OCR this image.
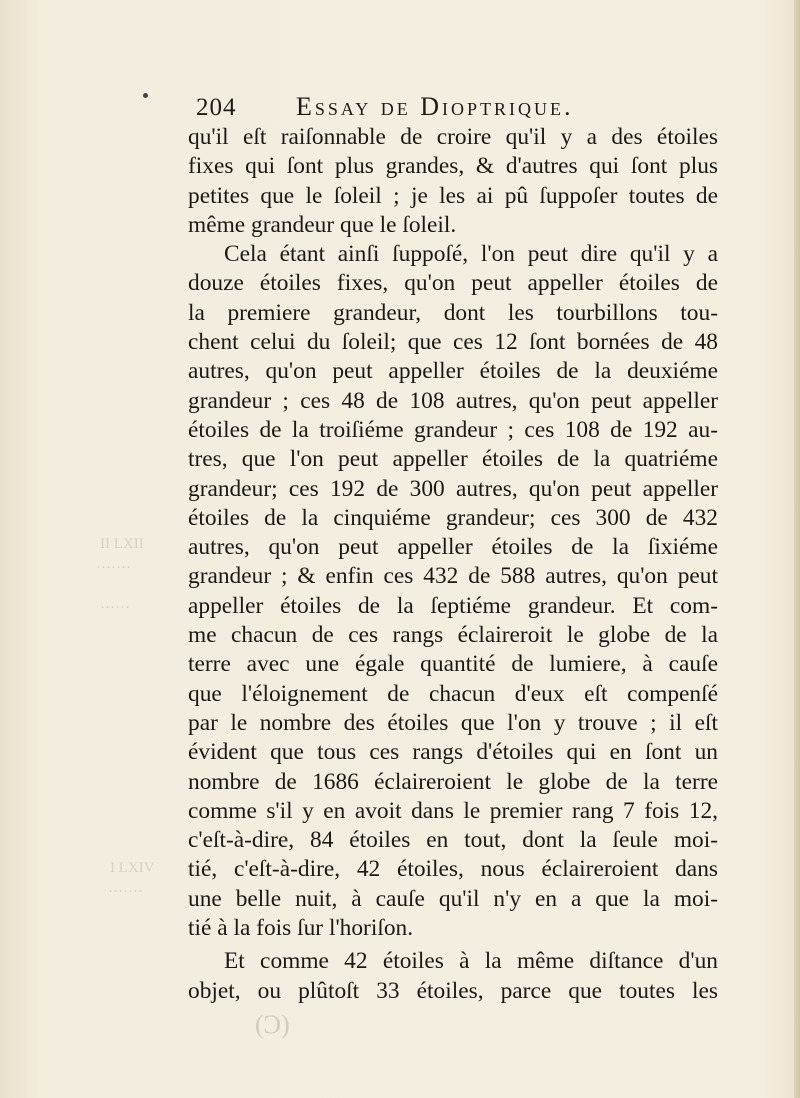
204 Essay de Dioptrique.
II LXII
·······
······
I LXIV
·······
(Ͻ)
qu'il eſt raiſonnable de croire qu'il y a des étoiles
fixes qui ſont plus grandes, & d'autres qui ſont plus
petites que le ſoleil ; je les ai pû ſuppoſer toutes de
même grandeur que le ſoleil.
Cela étant ainſi ſuppoſé, l'on peut dire qu'il y a
douze étoiles fixes, qu'on peut appeller étoiles de
la premiere grandeur, dont les tourbillons tou-
chent celui du ſoleil; que ces 12 ſont bornées de 48
autres, qu'on peut appeller étoiles de la deuxiéme
grandeur ; ces 48 de 108 autres, qu'on peut appeller
étoiles de la troiſiéme grandeur ; ces 108 de 192 au-
tres, que l'on peut appeller étoiles de la quatriéme
grandeur; ces 192 de 300 autres, qu'on peut appeller
étoiles de la cinquiéme grandeur; ces 300 de 432
autres, qu'on peut appeller étoiles de la ſixiéme
grandeur ; & enfin ces 432 de 588 autres, qu'on peut
appeller étoiles de la ſeptiéme grandeur. Et com-
me chacun de ces rangs éclaireroit le globe de la
terre avec une égale quantité de lumiere, à cauſe
que l'éloignement de chacun d'eux eſt compenſé
par le nombre des étoiles que l'on y trouve ; il eſt
évident que tous ces rangs d'étoiles qui en ſont un
nombre de 1686 éclaireroient le globe de la terre
comme s'il y en avoit dans le premier rang 7 fois 12,
c'eſt-à-dire, 84 étoiles en tout, dont la ſeule moi-
tié, c'eſt-à-dire, 42 étoiles, nous éclaireroient dans
une belle nuit, à cauſe qu'il n'y en a que la moi-
tié à la fois ſur l'horiſon.
Et comme 42 étoiles à la même diſtance d'un
objet, ou plûtoſt 33 étoiles, parce que toutes les
